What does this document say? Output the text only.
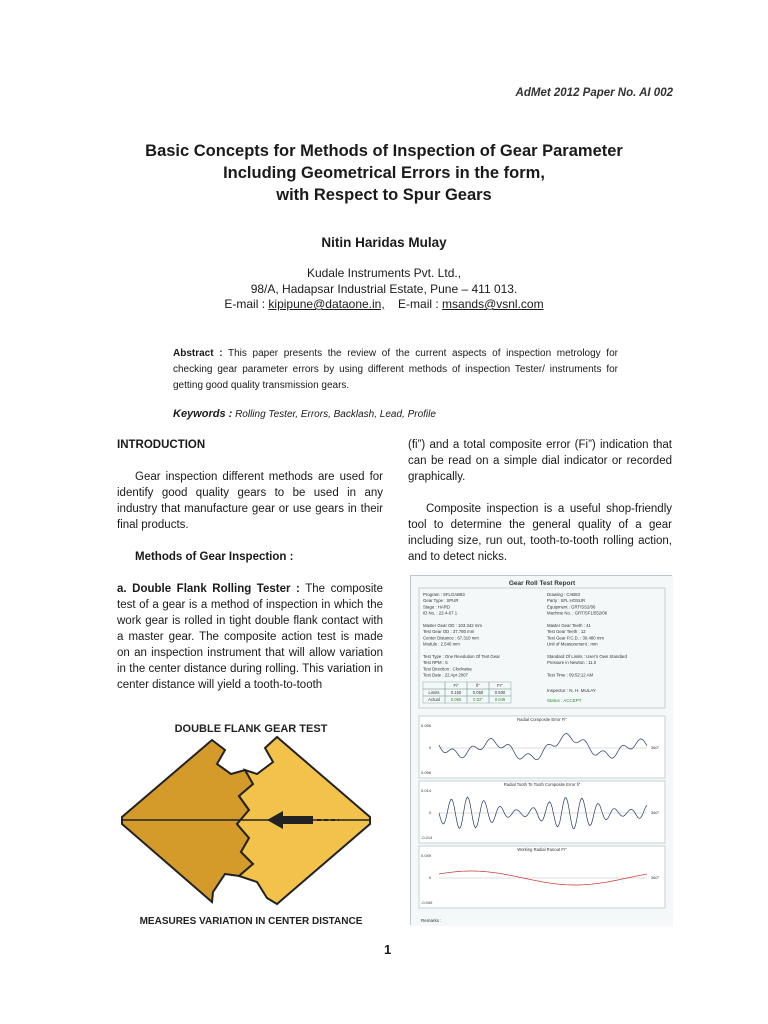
AdMet 2012 Paper No. AI 002
Basic Concepts for Methods of Inspection of Gear Parameter
Including Geometrical Errors in the form,
with Respect to Spur Gears
Nitin Haridas Mulay
Kudale Instruments Pvt. Ltd.,
98/A, Hadapsar Industrial Estate, Pune – 411 013.
E-mail : kipipune@dataone.in, E-mail : msands@vsnl.com
Abstract : This paper presents the review of the current aspects of inspection metrology for checking gear parameter errors by using different methods of inspection Tester/ instruments for getting good quality transmission gears.
Keywords : Rolling Tester, Errors, Backlash, Lead, Profile

INTRODUCTION

Gear inspection different methods are used for identify good quality gears to be used in any industry that manufacture gear or use gears in their final products.

Methods of Gear Inspection :

a. Double Flank Rolling Tester : The composite test of a gear is a method of inspection in which the work gear is rolled in tight double flank contact with a master gear. The composite action test is made on an inspection instrument that will allow variation in the center distance during rolling. This variation in center distance will yield a tooth-to-tooth

(fi”) and a total composite error (Fi”) indication that can be read on a simple dial indicator or recorded graphically.

Composite inspection is a useful shop-friendly tool to determine the general quality of a gear including size, run out, tooth-to-tooth rolling action, and to detect nicks.

DOUBLE FLANK GEAR TEST
MEASURES VARIATION IN CENTER DISTANCE
Gear Roll Test Report
Program : SFLGAB83
Gear Type : SPUR
Stage : HARD
ID No. : 22-4-07 1
Master Gear OD : 103.342 mm
Test Gear OD : 37.780 mm
Center Distance : 67.310 mm
Module : 2.540 mm
Test Type : One Revolution Of Test Gear
Test RPM : 5
Test Direction : Clockwise
Test Date : 22 Apr 2007
Drawing : CAB83
Party : SFL HOSUR
Equipment : GRT/SS2/06
Machine No. : GRT/SF1/552/06
Master Gear Teeth : 41
Test Gear Teeth : 12
Test Gear P.C.D. : 30.480 mm
Unit of Measurement : mm
Standard Of Limits : User's Own Standard
Pressure in Newton : 11.0
Test Time : 09:52:12 AM
Fi"	fi"	Fr"
Limits	0.150	0.050	0.500
Actual	0.050	0.02"	0.049
Inspector : N. H. MULAY
Status : ACCEPT
Radial Composite Error Fi"
0.056
0
0.056
360°
Radial Tooth To Tooth Composite Error fi"
0.014
0
-0.014
360°
Working Radial Runout Fr"
0.049
0
-0.049
360°
Remarks :
1
